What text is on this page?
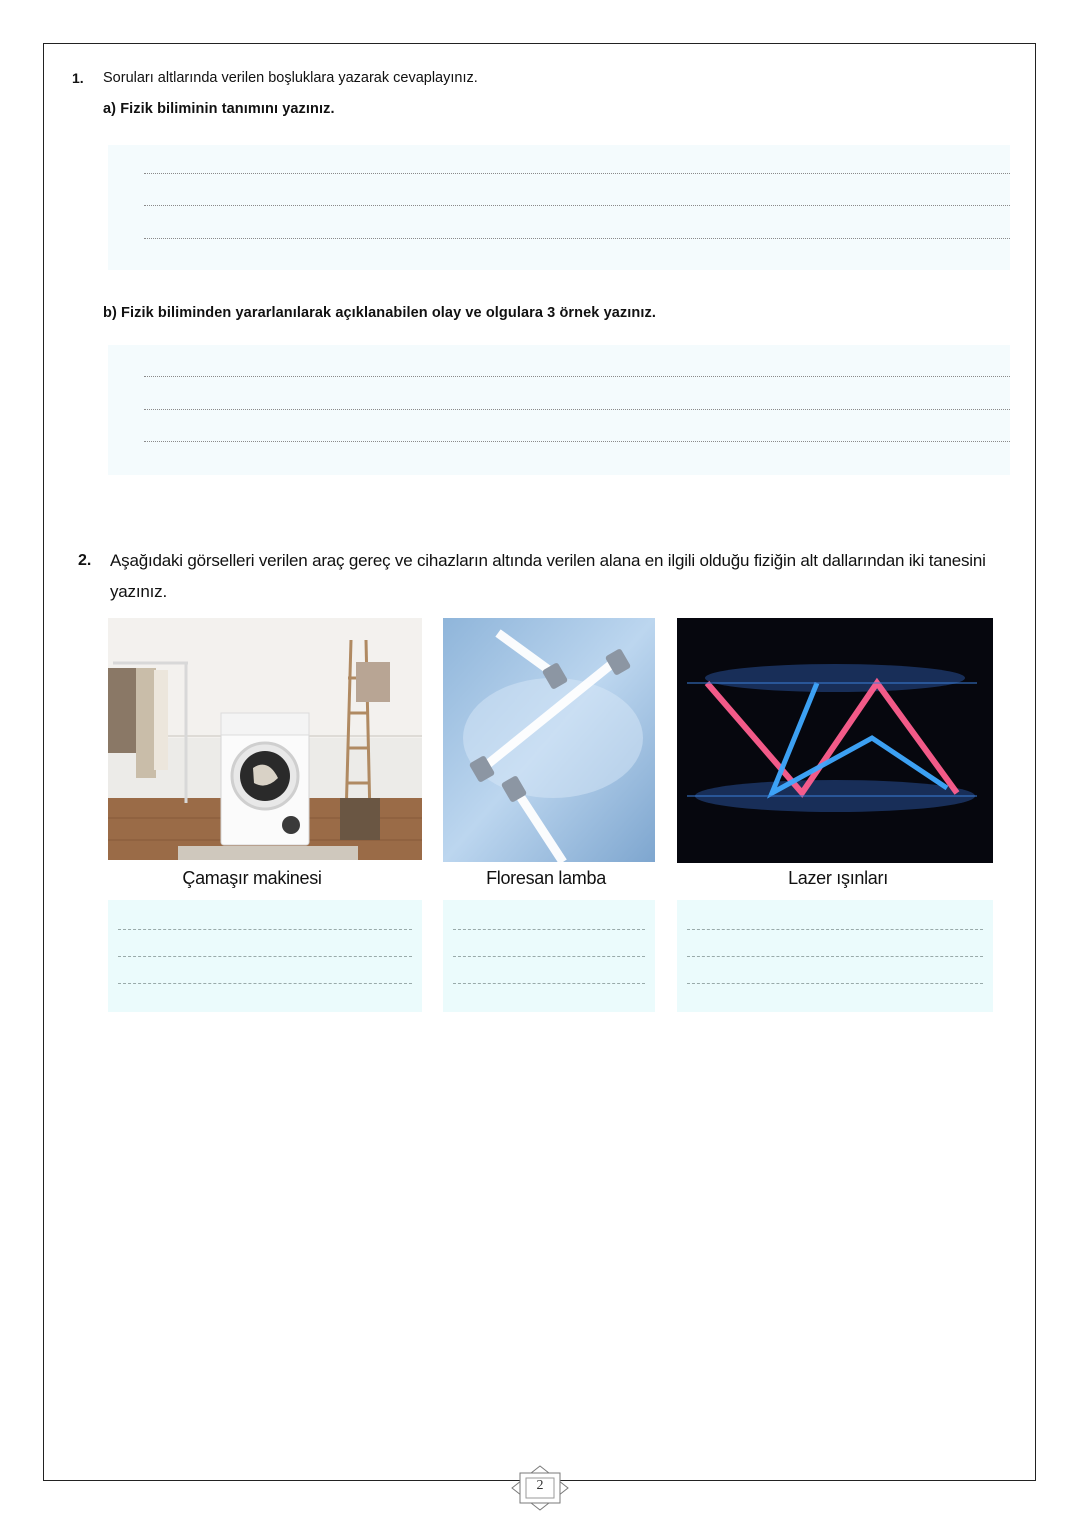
1. Soruları altlarında verilen boşluklara yazarak cevaplayınız.
a) Fizik biliminin tanımını yazınız.
b) Fizik biliminden yararlanılarak açıklanabilen olay ve olgulara 3 örnek yazınız.
2. Aşağıdaki görselleri verilen araç gereç ve cihazların altında verilen alana en ilgili olduğu fiziğin alt dallarından iki tanesini yazınız.
Çamaşır makinesi	Floresan lamba	Lazer ışınları
2
